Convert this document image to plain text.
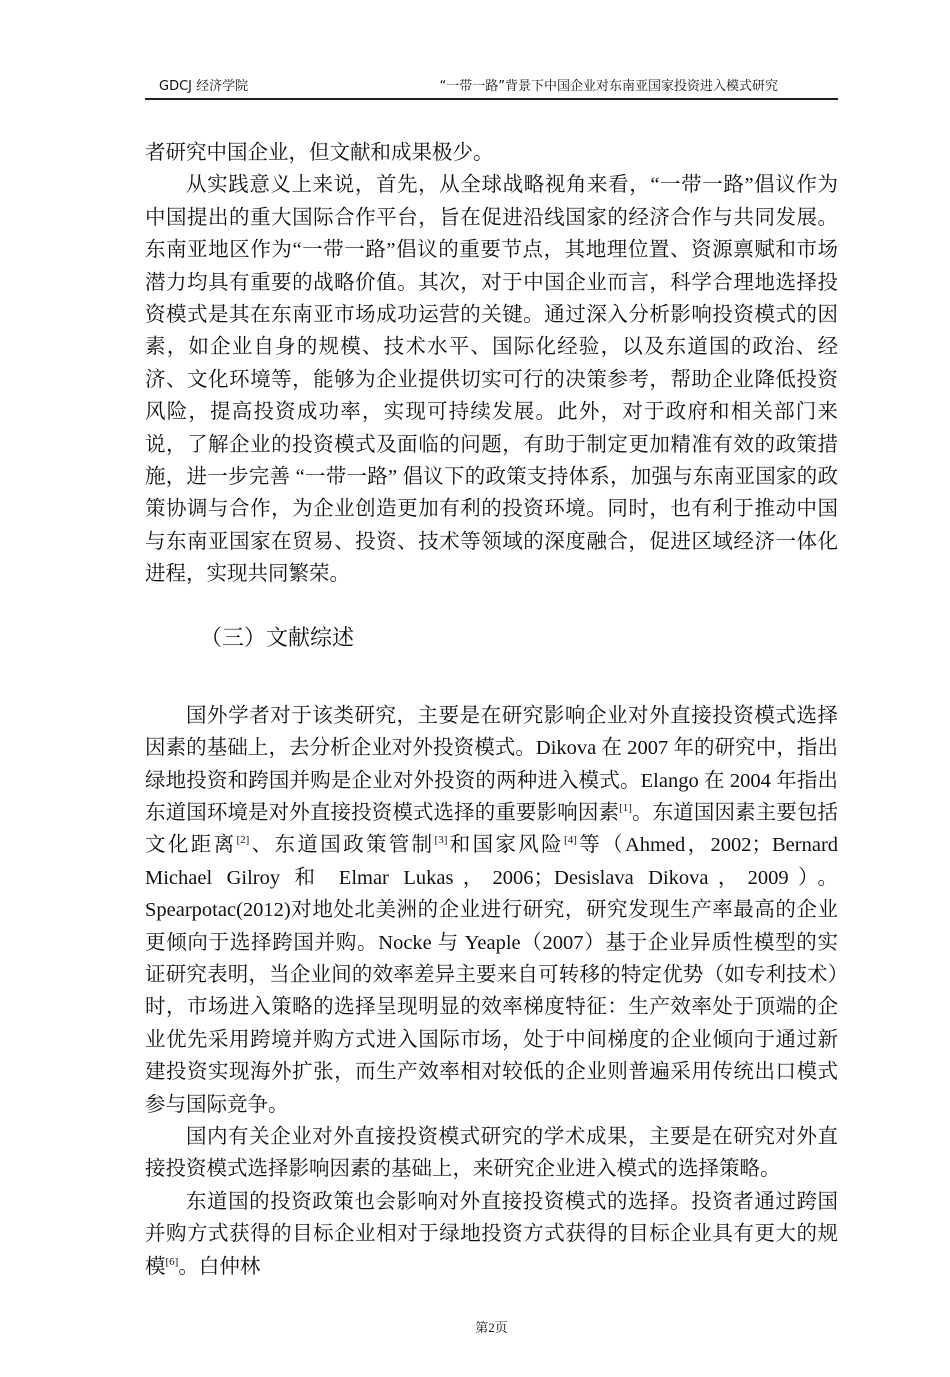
GDCJ 经济学院	“一带一路”背景下中国企业对东南亚国家投资进入模式研究

者研究中国企业，但文献和成果极少。

从实践意义上来说，首先，从全球战略视角来看，“一带一路”倡议作为中国提出的重大国际合作平台，旨在促进沿线国家的经济合作与共同发展。东南亚地区作为“一带一路”倡议的重要节点，其地理位置、资源禀赋和市场潜力均具有重要的战略价值。其次，对于中国企业而言，科学合理地选择投资模式是其在东南亚市场成功运营的关键。通过深入分析影响投资模式的因素，如企业自身的规模、技术水平、国际化经验，以及东道国的政治、经济、文化环境等，能够为企业提供切实可行的决策参考，帮助企业降低投资风险，提高投资成功率，实现可持续发展。此外，对于政府和相关部门来说，了解企业的投资模式及面临的问题，有助于制定更加精准有效的政策措施，进一步完善 “一带一路” 倡议下的政策支持体系，加强与东南亚国家的政策协调与合作，为企业创造更加有利的投资环境。同时，也有利于推动中国与东南亚国家在贸易、投资、技术等领域的深度融合，促进区域经济一体化进程，实现共同繁荣。

（三）文献综述

国外学者对于该类研究，主要是在研究影响企业对外直接投资模式选择因素的基础上，去分析企业对外投资模式。Dikova 在 2007 年的研究中，指出绿地投资和跨国并购是企业对外投资的两种进入模式。Elango 在 2004 年指出东道国环境是对外直接投资模式选择的重要影响因素[1]。东道国因素主要包括文化距离[2]、东道国政策管制[3]和国家风险[4]等（Ahmed，2002；Bernard Michael Gilroy 和 Elmar Lukas，2006；Desislava Dikova，2009）。Spearpotac(2012)对地处北美洲的企业进行研究，研究发现生产率最高的企业更倾向于选择跨国并购。Nocke 与 Yeaple（2007）基于企业异质性模型的实证研究表明，当企业间的效率差异主要来自可转移的特定优势（如专利技术）时，市场进入策略的选择呈现明显的效率梯度特征：生产效率处于顶端的企业优先采用跨境并购方式进入国际市场，处于中间梯度的企业倾向于通过新建投资实现海外扩张，而生产效率相对较低的企业则普遍采用传统出口模式参与国际竞争。

国内有关企业对外直接投资模式研究的学术成果，主要是在研究对外直接投资模式选择影响因素的基础上，来研究企业进入模式的选择策略。

东道国的投资政策也会影响对外直接投资模式的选择。投资者通过跨国并购方式获得的目标企业相对于绿地投资方式获得的目标企业具有更大的规模[6]。白仲林

第2页
